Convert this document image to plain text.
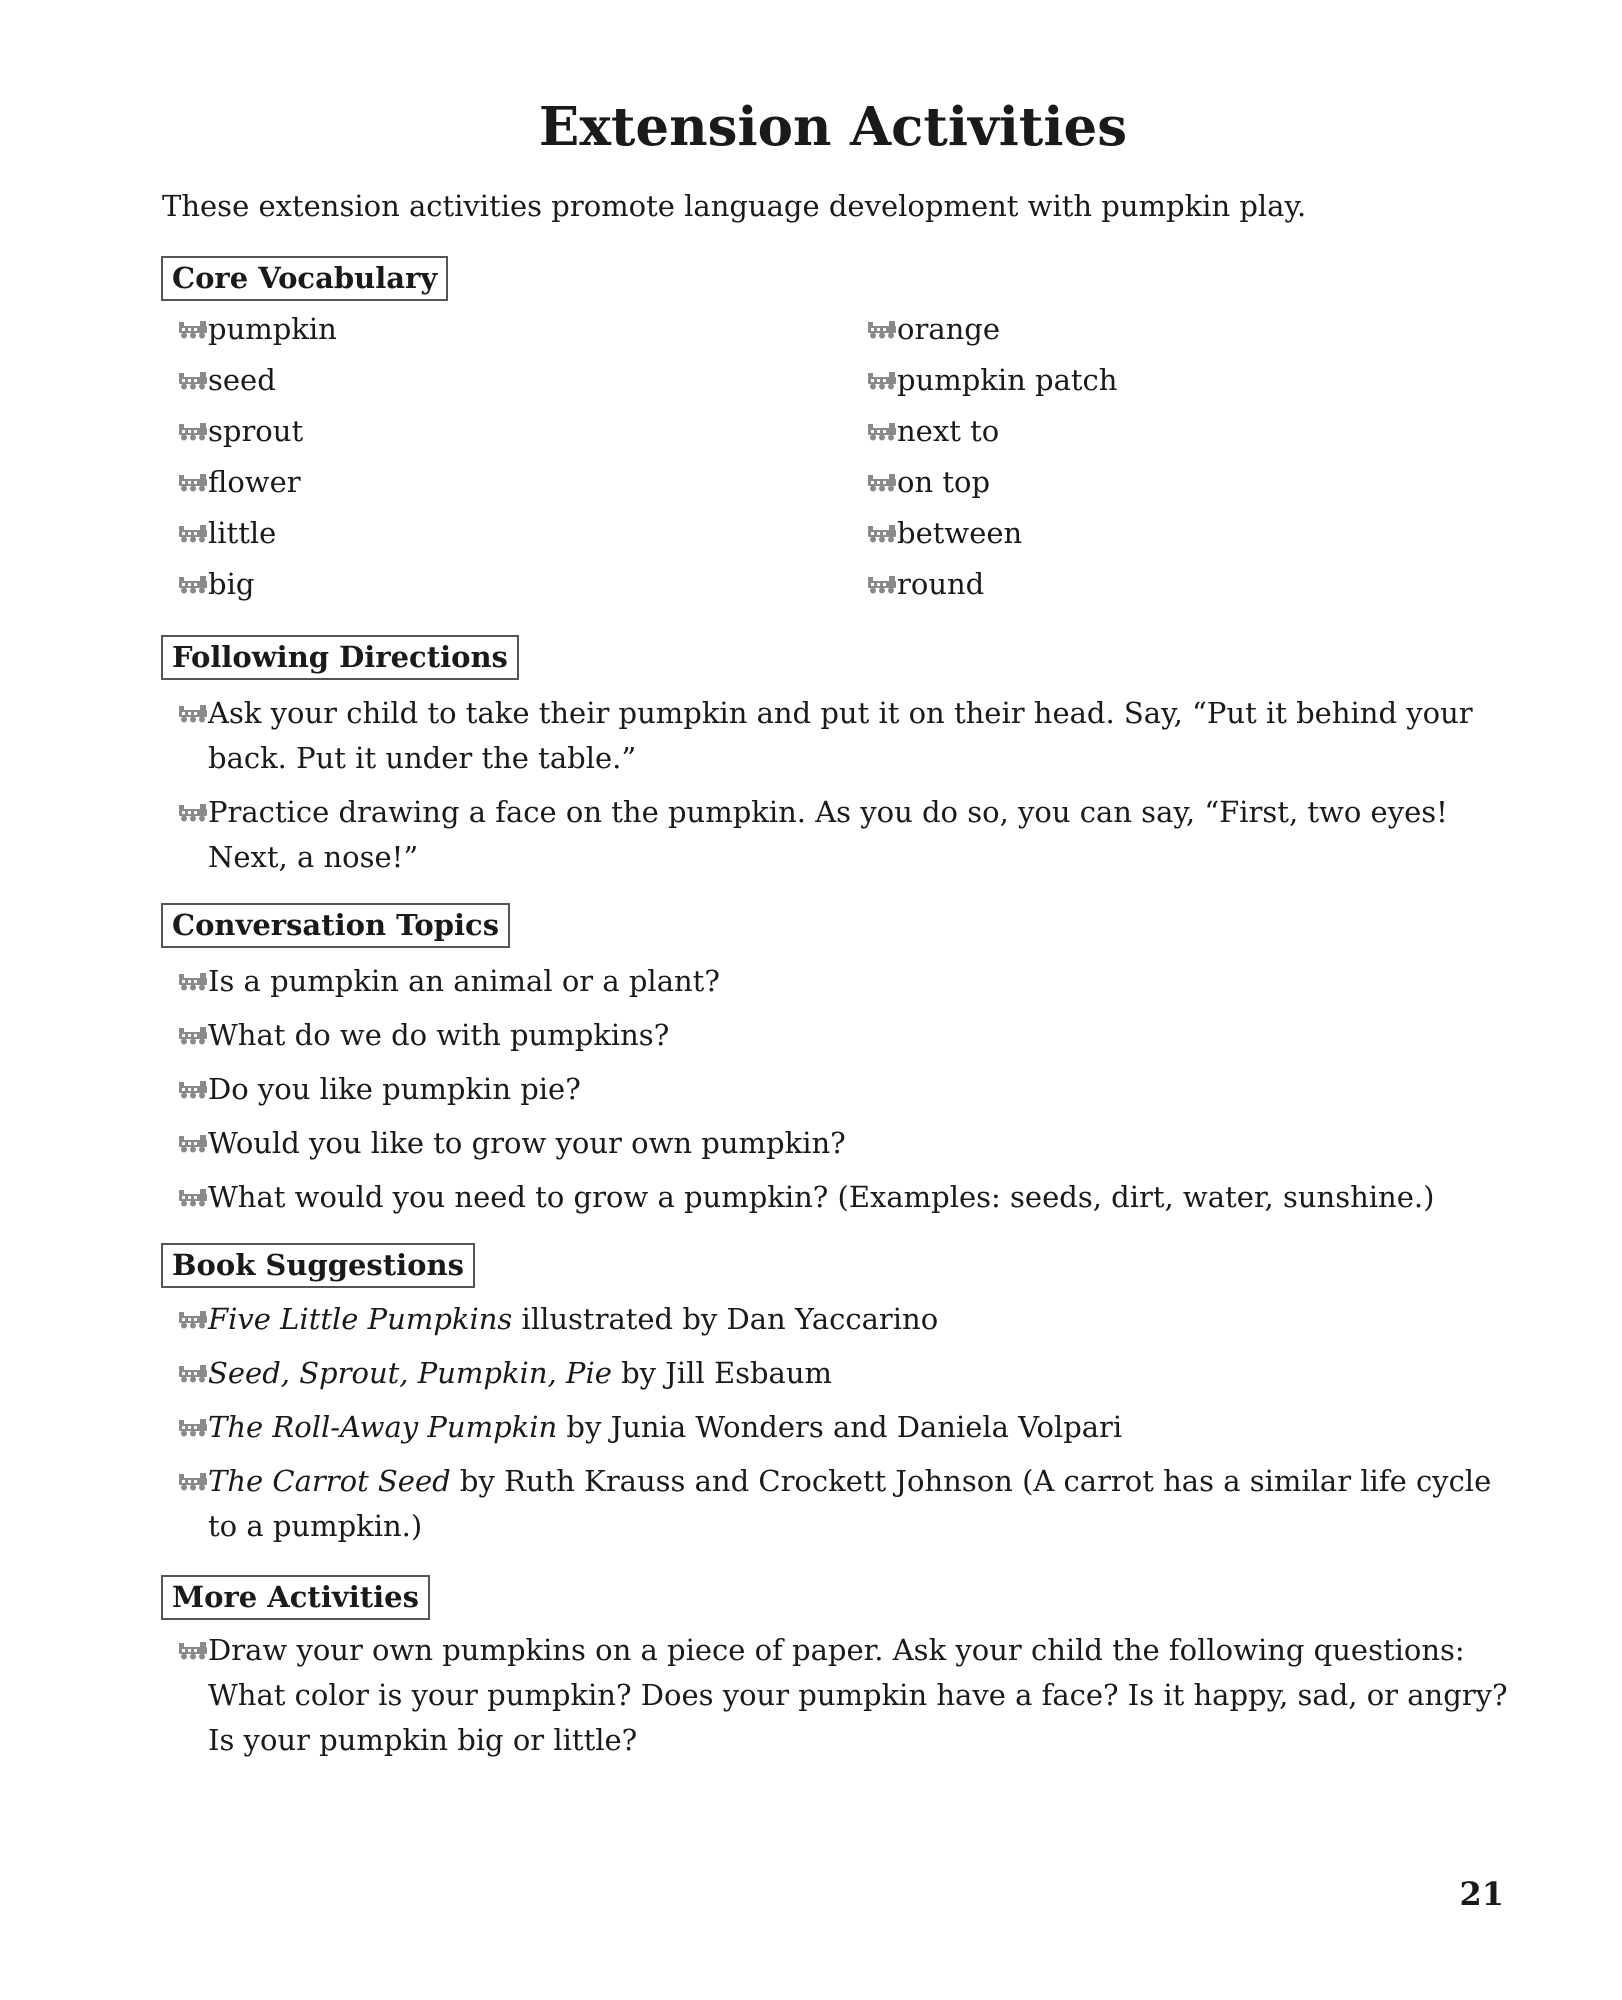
Extension Activities

These extension activities promote language development with pumpkin play.

Core Vocabulary
pumpkin
seed
sprout
flower
little
big
orange
pumpkin patch
next to
on top
between
round
Following Directions
Ask your child to take their pumpkin and put it on their head. Say, “Put it behind your back. Put it under the table.”
Practice drawing a face on the pumpkin. As you do so, you can say, “First, two eyes! Next, a nose!”
Conversation Topics
Is a pumpkin an animal or a plant?
What do we do with pumpkins?
Do you like pumpkin pie?
Would you like to grow your own pumpkin?
What would you need to grow a pumpkin? (Examples: seeds, dirt, water, sunshine.)
Book Suggestions
Five Little Pumpkins illustrated by Dan Yaccarino
Seed, Sprout, Pumpkin, Pie by Jill Esbaum
The Roll-Away Pumpkin by Junia Wonders and Daniela Volpari
The Carrot Seed by Ruth Krauss and Crockett Johnson (A carrot has a similar life cycle to a pumpkin.)
More Activities
Draw your own pumpkins on a piece of paper. Ask your child the following questions: What color is your pumpkin? Does your pumpkin have a face? Is it happy, sad, or angry? Is your pumpkin big or little?
21
